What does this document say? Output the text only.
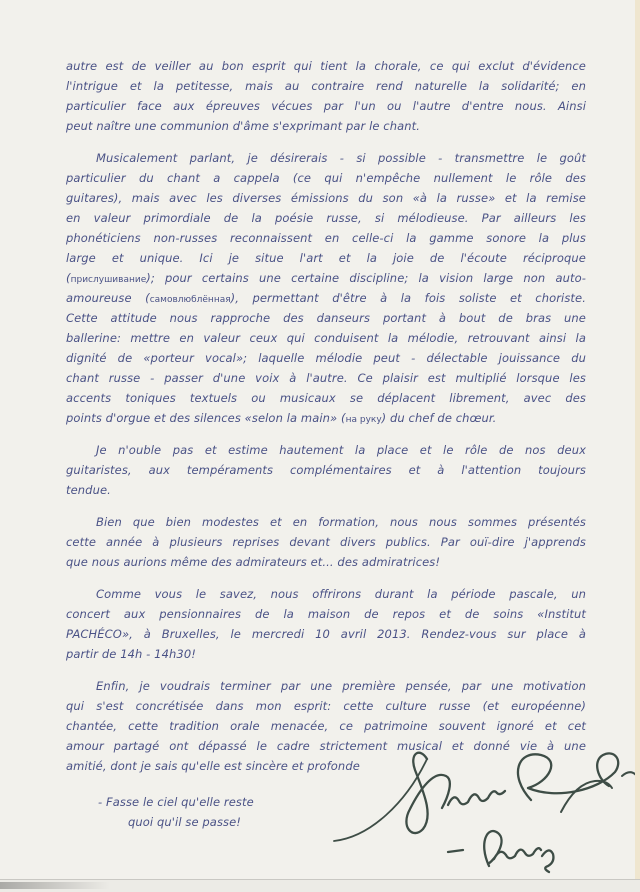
autre est de veiller au bon esprit qui tient la chorale, ce qui exclut d'évidence
l'intrigue et la petitesse, mais au contraire rend naturelle la solidarité; en
particulier face aux épreuves vécues par l'un ou l'autre d'entre nous. Ainsi
peut naître une communion d'âme s'exprimant par le chant.
Musicalement parlant, je désirerais - si possible - transmettre le goût
particulier du chant a cappela (ce qui n'empêche nullement le rôle des
guitares), mais avec les diverses émissions du son «à la russe» et la remise
en valeur primordiale de la poésie russe, si mélodieuse. Par ailleurs les
phonéticiens non-russes reconnaissent en celle-ci la gamme sonore la plus
large et unique. Ici je situe l'art et la joie de l'écoute réciproque
(прислушивание); pour certains une certaine discipline; la vision large non auto-
amoureuse (самовлюблённая), permettant d'être à la fois soliste et choriste.
Cette attitude nous rapproche des danseurs portant à bout de bras une
ballerine: mettre en valeur ceux qui conduisent la mélodie, retrouvant ainsi la
dignité de «porteur vocal»; laquelle mélodie peut - délectable jouissance du
chant russe - passer d'une voix à l'autre. Ce plaisir est multiplié lorsque les
accents toniques textuels ou musicaux se déplacent librement, avec des
points d'orgue et des silences «selon la main» (на руку) du chef de chœur.
Je n'ouble pas et estime hautement la place et le rôle de nos deux
guitaristes, aux tempéraments complémentaires et à l'attention toujours
tendue.
Bien que bien modestes et en formation, nous nous sommes présentés
cette année à plusieurs reprises devant divers publics. Par ouï-dire j'apprends
que nous aurions même des admirateurs et... des admiratrices!
Comme vous le savez, nous offrirons durant la période pascale, un
concert aux pensionnaires de la maison de repos et de soins «Institut
PACHÉCO», à Bruxelles, le mercredi 10 avril 2013. Rendez-vous sur place à
partir de 14h - 14h30!
Enfin, je voudrais terminer par une première pensée, par une motivation
qui s'est concrétisée dans mon esprit: cette culture russe (et européenne)
chantée, cette tradition orale menacée, ce patrimoine souvent ignoré et cet
amour partagé ont dépassé le cadre strictement musical et donné vie à une
amitié, dont je sais qu'elle est sincère et profonde
- Fasse le ciel qu'elle reste
quoi qu'il se passe!
